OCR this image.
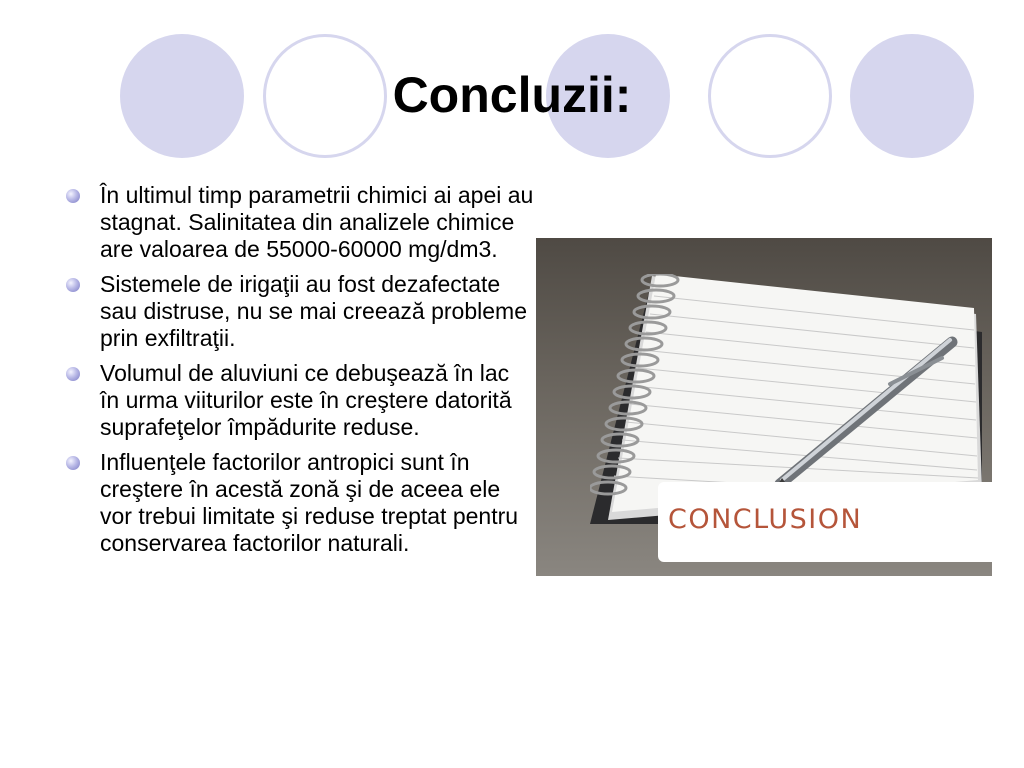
Concluzii:
În ultimul timp parametrii chimici ai apei au stagnat. Salinitatea din analizele chimice are valoarea de 55000-60000 mg/dm3.
Sistemele de irigaţii au fost dezafectate sau distruse, nu se mai creează probleme prin exfiltraţii.
Volumul de aluviuni ce debuşează în lac în urma viiturilor este în creştere datorită suprafeţelor împădurite reduse.
Influenţele factorilor antropici sunt în creştere în acestă zonă şi de aceea ele vor trebui limitate şi reduse treptat pentru conservarea factorilor naturali.
CONCLUSION
